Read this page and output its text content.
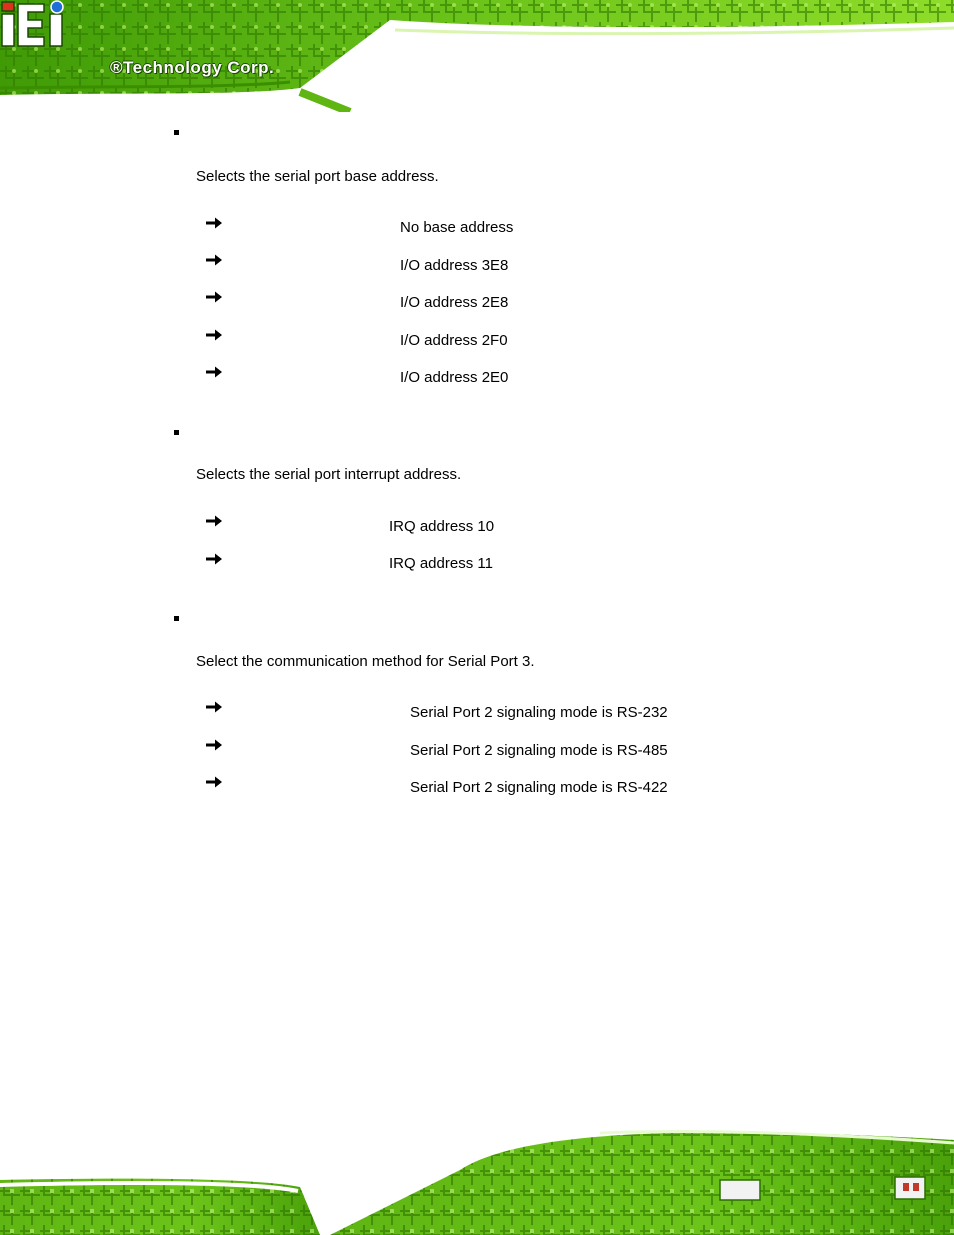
®Technology Corp.
Selects the serial port base address.
No base address
I/O address 3E8
I/O address 2E8
I/O address 2F0
I/O address 2E0
Selects the serial port interrupt address.
IRQ address 10
IRQ address 11
Select the communication method for Serial Port 3.
Serial Port 2 signaling mode is RS-232
Serial Port 2 signaling mode is RS-485
Serial Port 2 signaling mode is RS-422
